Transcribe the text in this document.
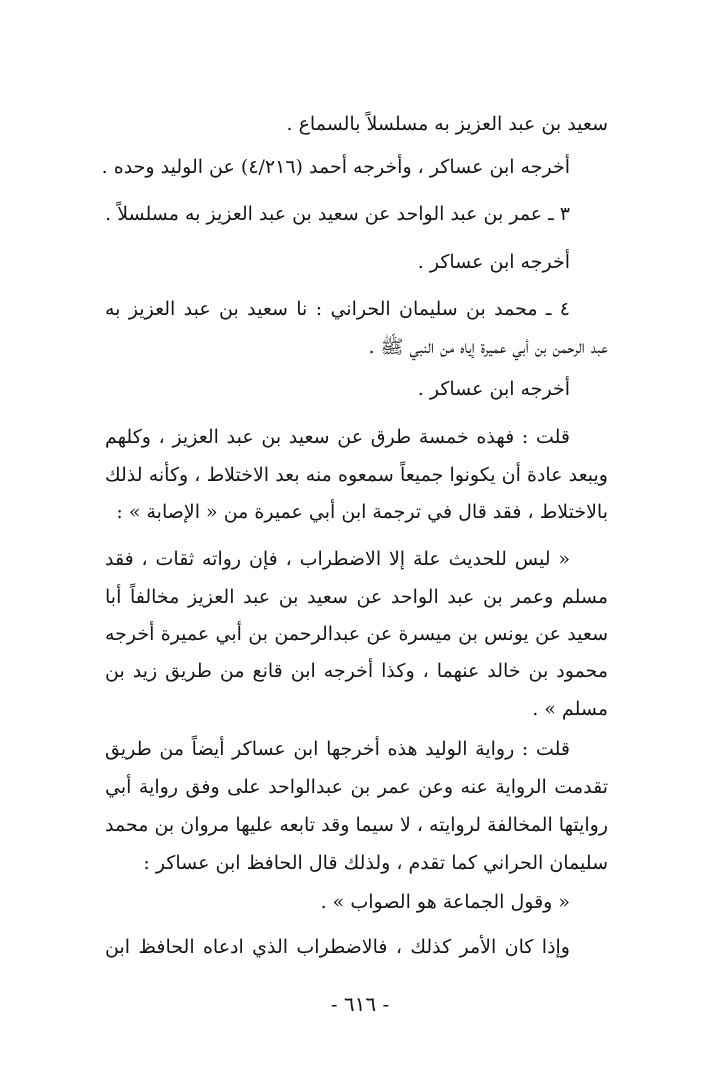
سعيد بن عبد العزيز به مسلسلاً بالسماع .
أخرجه ابن عساكر ، وأخرجه أحمد (٤/٢١٦) عن الوليد وحده .
٣ ـ عمر بن عبد الواحد عن سعيد بن عبد العزيز به مسلسلاً .
أخرجه ابن عساكر .
٤ ـ محمد بن سليمان الحراني : نا سعيد بن عبد العزيز به
عبد الرحمن بن أبي عميرة إياه من النبي ﷺ .
أخرجه ابن عساكر .
قلت : فهذه خمسة طرق عن سعيد بن عبد العزيز ، وكلهم
ويبعد عادة أن يكونوا جميعاً سمعوه منه بعد الاختلاط ، وكأنه لذلك
بالاختلاط ، فقد قال في ترجمة ابن أبي عميرة من « الإصابة » :
« ليس للحديث علة إلا الاضطراب ، فإن رواته ثقات ، فقد
مسلم وعمر بن عبد الواحد عن سعيد بن عبد العزيز مخالفاً أبا
سعيد عن يونس بن ميسرة عن عبدالرحمن بن أبي عميرة أخرجه
محمود بن خالد عنهما ، وكذا أخرجه ابن قانع من طريق زيد بن
مسلم » .
قلت : رواية الوليد هذه أخرجها ابن عساكر أيضاً من طريق
تقدمت الرواية عنه وعن عمر بن عبدالواحد على وفق رواية أبي
روايتها المخالفة لروايته ، لا سيما وقد تابعه عليها مروان بن محمد
سليمان الحراني كما تقدم ، ولذلك قال الحافظ ابن عساكر :
« وقول الجماعة هو الصواب » .
وإذا كان الأمر كذلك ، فالاضطراب الذي ادعاه الحافظ ابن
- ٦١٦ -
